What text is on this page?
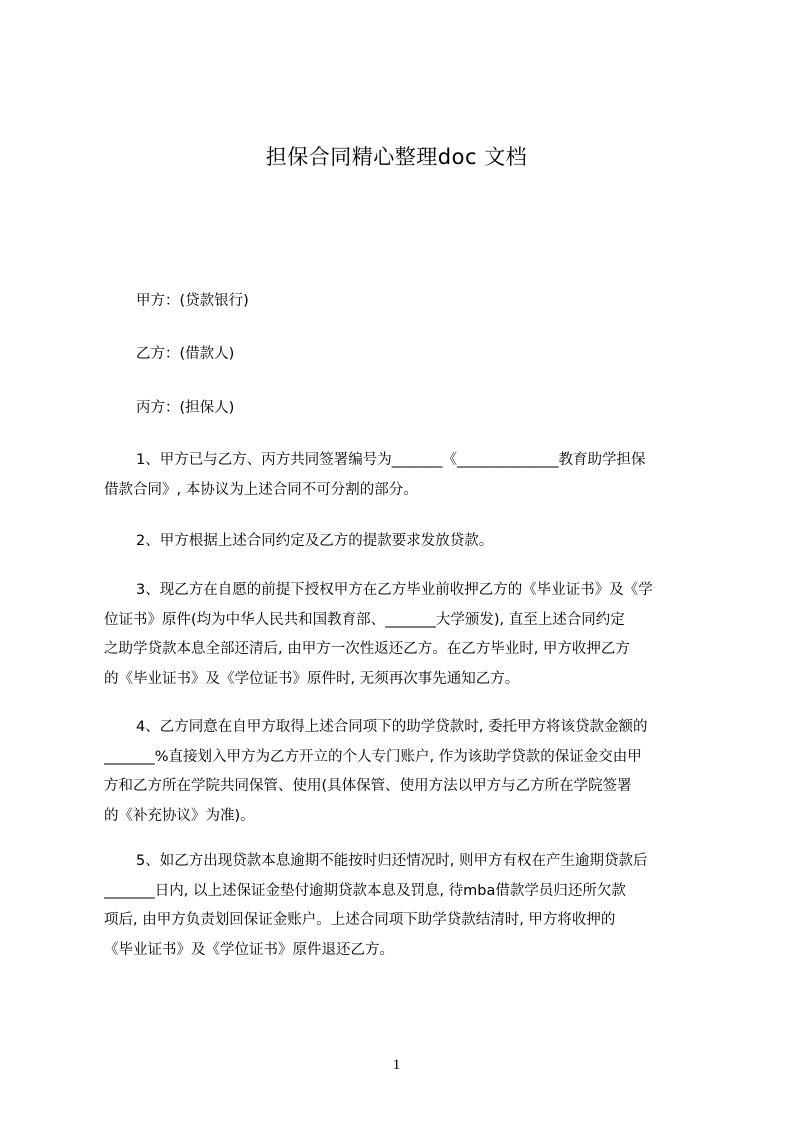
担保合同精心整理doc 文档
甲方：(贷款银行)
乙方：(借款人)
丙方：(担保人)
1、甲方已与乙方、丙方共同签署编号为_______《______________教育助学担保
借款合同》, 本协议为上述合同不可分割的部分。
2、甲方根据上述合同约定及乙方的提款要求发放贷款。
3、现乙方在自愿的前提下授权甲方在乙方毕业前收押乙方的《毕业证书》及《学
位证书》原件(均为中华人民共和国教育部、_______大学颁发), 直至上述合同约定
之助学贷款本息全部还清后, 由甲方一次性返还乙方。在乙方毕业时, 甲方收押乙方
的《毕业证书》及《学位证书》原件时, 无须再次事先通知乙方。
4、乙方同意在自甲方取得上述合同项下的助学贷款时, 委托甲方将该贷款金额的
_______%直接划入甲方为乙方开立的个人专门账户, 作为该助学贷款的保证金交由甲
方和乙方所在学院共同保管、使用(具体保管、使用方法以甲方与乙方所在学院签署
的《补充协议》为准)。
5、如乙方出现贷款本息逾期不能按时归还情况时, 则甲方有权在产生逾期贷款后
_______日内, 以上述保证金垫付逾期贷款本息及罚息, 待mba借款学员归还所欠款
项后, 由甲方负责划回保证金账户。上述合同项下助学贷款结清时, 甲方将收押的
《毕业证书》及《学位证书》原件退还乙方。
1
